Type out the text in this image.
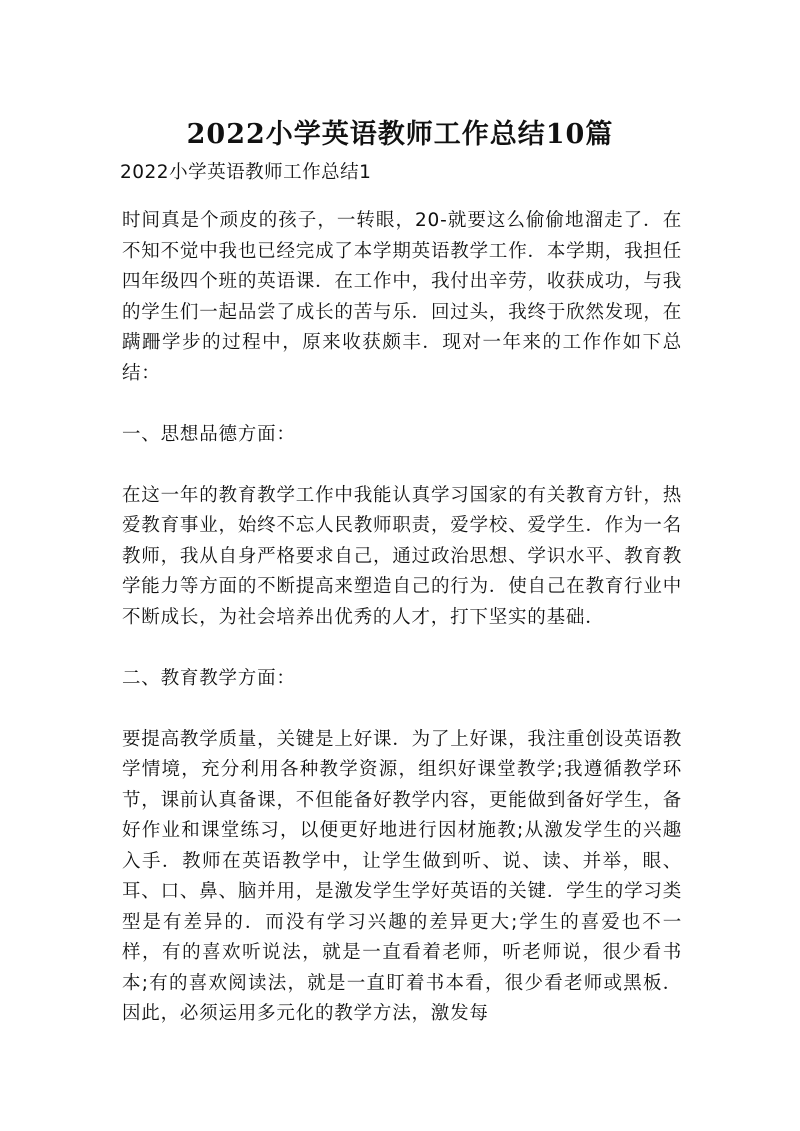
2022小学英语教师工作总结10篇
2022小学英语教师工作总结1

时间真是个顽皮的孩子，一转眼，20-就要这么偷偷地溜走了．在不知不觉中我也已经完成了本学期英语教学工作．本学期，我担任四年级四个班的英语课．在工作中，我付出辛劳，收获成功，与我的学生们一起品尝了成长的苦与乐．回过头，我终于欣然发现，在蹒跚学步的过程中，原来收获颇丰．现对一年来的工作作如下总结：

一、思想品德方面：

在这一年的教育教学工作中我能认真学习国家的有关教育方针，热爱教育事业，始终不忘人民教师职责，爱学校、爱学生．作为一名教师，我从自身严格要求自己，通过政治思想、学识水平、教育教学能力等方面的不断提高来塑造自己的行为．使自己在教育行业中不断成长，为社会培养出优秀的人才，打下坚实的基础．

二、教育教学方面：

要提高教学质量，关键是上好课．为了上好课，我注重创设英语教学情境，充分利用各种教学资源，组织好课堂教学;我遵循教学环节，课前认真备课，不但能备好教学内容，更能做到备好学生，备好作业和课堂练习，以便更好地进行因材施教;从激发学生的兴趣入手．教师在英语教学中，让学生做到听、说、读、并举，眼、耳、口、鼻、脑并用，是激发学生学好英语的关键．学生的学习类型是有差异的．而没有学习兴趣的差异更大;学生的喜爱也不一样，有的喜欢听说法，就是一直看着老师，听老师说，很少看书本;有的喜欢阅读法，就是一直盯着书本看，很少看老师或黑板．因此，必须运用多元化的教学方法，激发每
